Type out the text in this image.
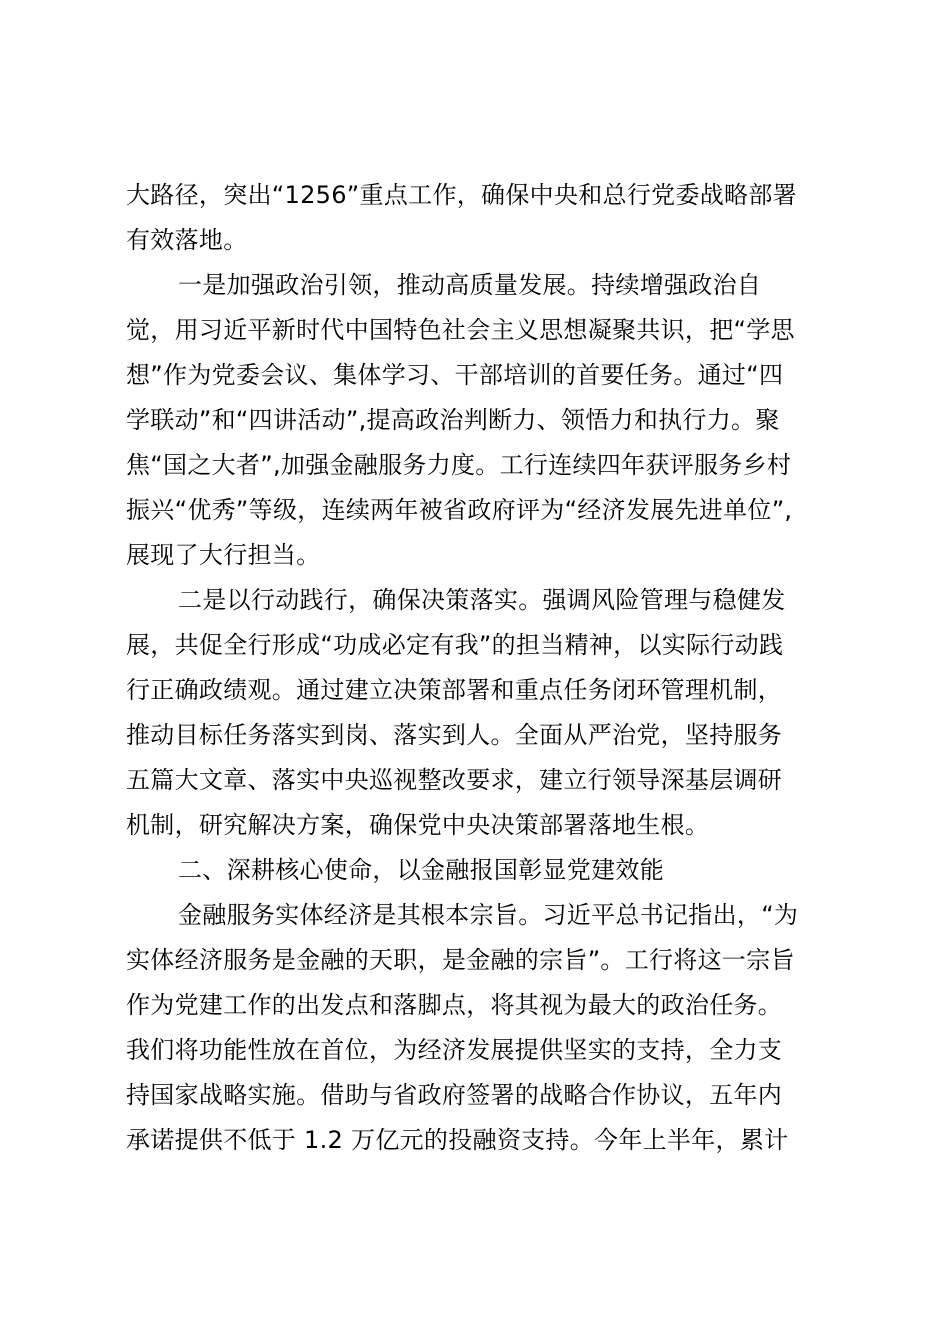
大路径，突出“1256”重点工作，确保中央和总行党委战略部署
有效落地。
一是加强政治引领，推动高质量发展。持续增强政治自
觉，用习近平新时代中国特色社会主义思想凝聚共识，把“学思
想”作为党委会议、集体学习、干部培训的首要任务。通过“四
学联动”和“四讲活动”,提高政治判断力、领悟力和执行力。聚
焦“国之大者”,加强金融服务力度。工行连续四年获评服务乡村
振兴“优秀”等级，连续两年被省政府评为“经济发展先进单位”,
展现了大行担当。
二是以行动践行，确保决策落实。强调风险管理与稳健发
展，共促全行形成“功成必定有我”的担当精神，以实际行动践
行正确政绩观。通过建立决策部署和重点任务闭环管理机制，
推动目标任务落实到岗、落实到人。全面从严治党，坚持服务
五篇大文章、落实中央巡视整改要求，建立行领导深基层调研
机制，研究解决方案，确保党中央决策部署落地生根。
二、深耕核心使命，以金融报国彰显党建效能
金融服务实体经济是其根本宗旨。习近平总书记指出，“为
实体经济服务是金融的天职，是金融的宗旨”。工行将这一宗旨
作为党建工作的出发点和落脚点，将其视为最大的政治任务。
我们将功能性放在首位，为经济发展提供坚实的支持，全力支
持国家战略实施。借助与省政府签署的战略合作协议，五年内
承诺提供不低于 1.2 万亿元的投融资支持。今年上半年，累计
